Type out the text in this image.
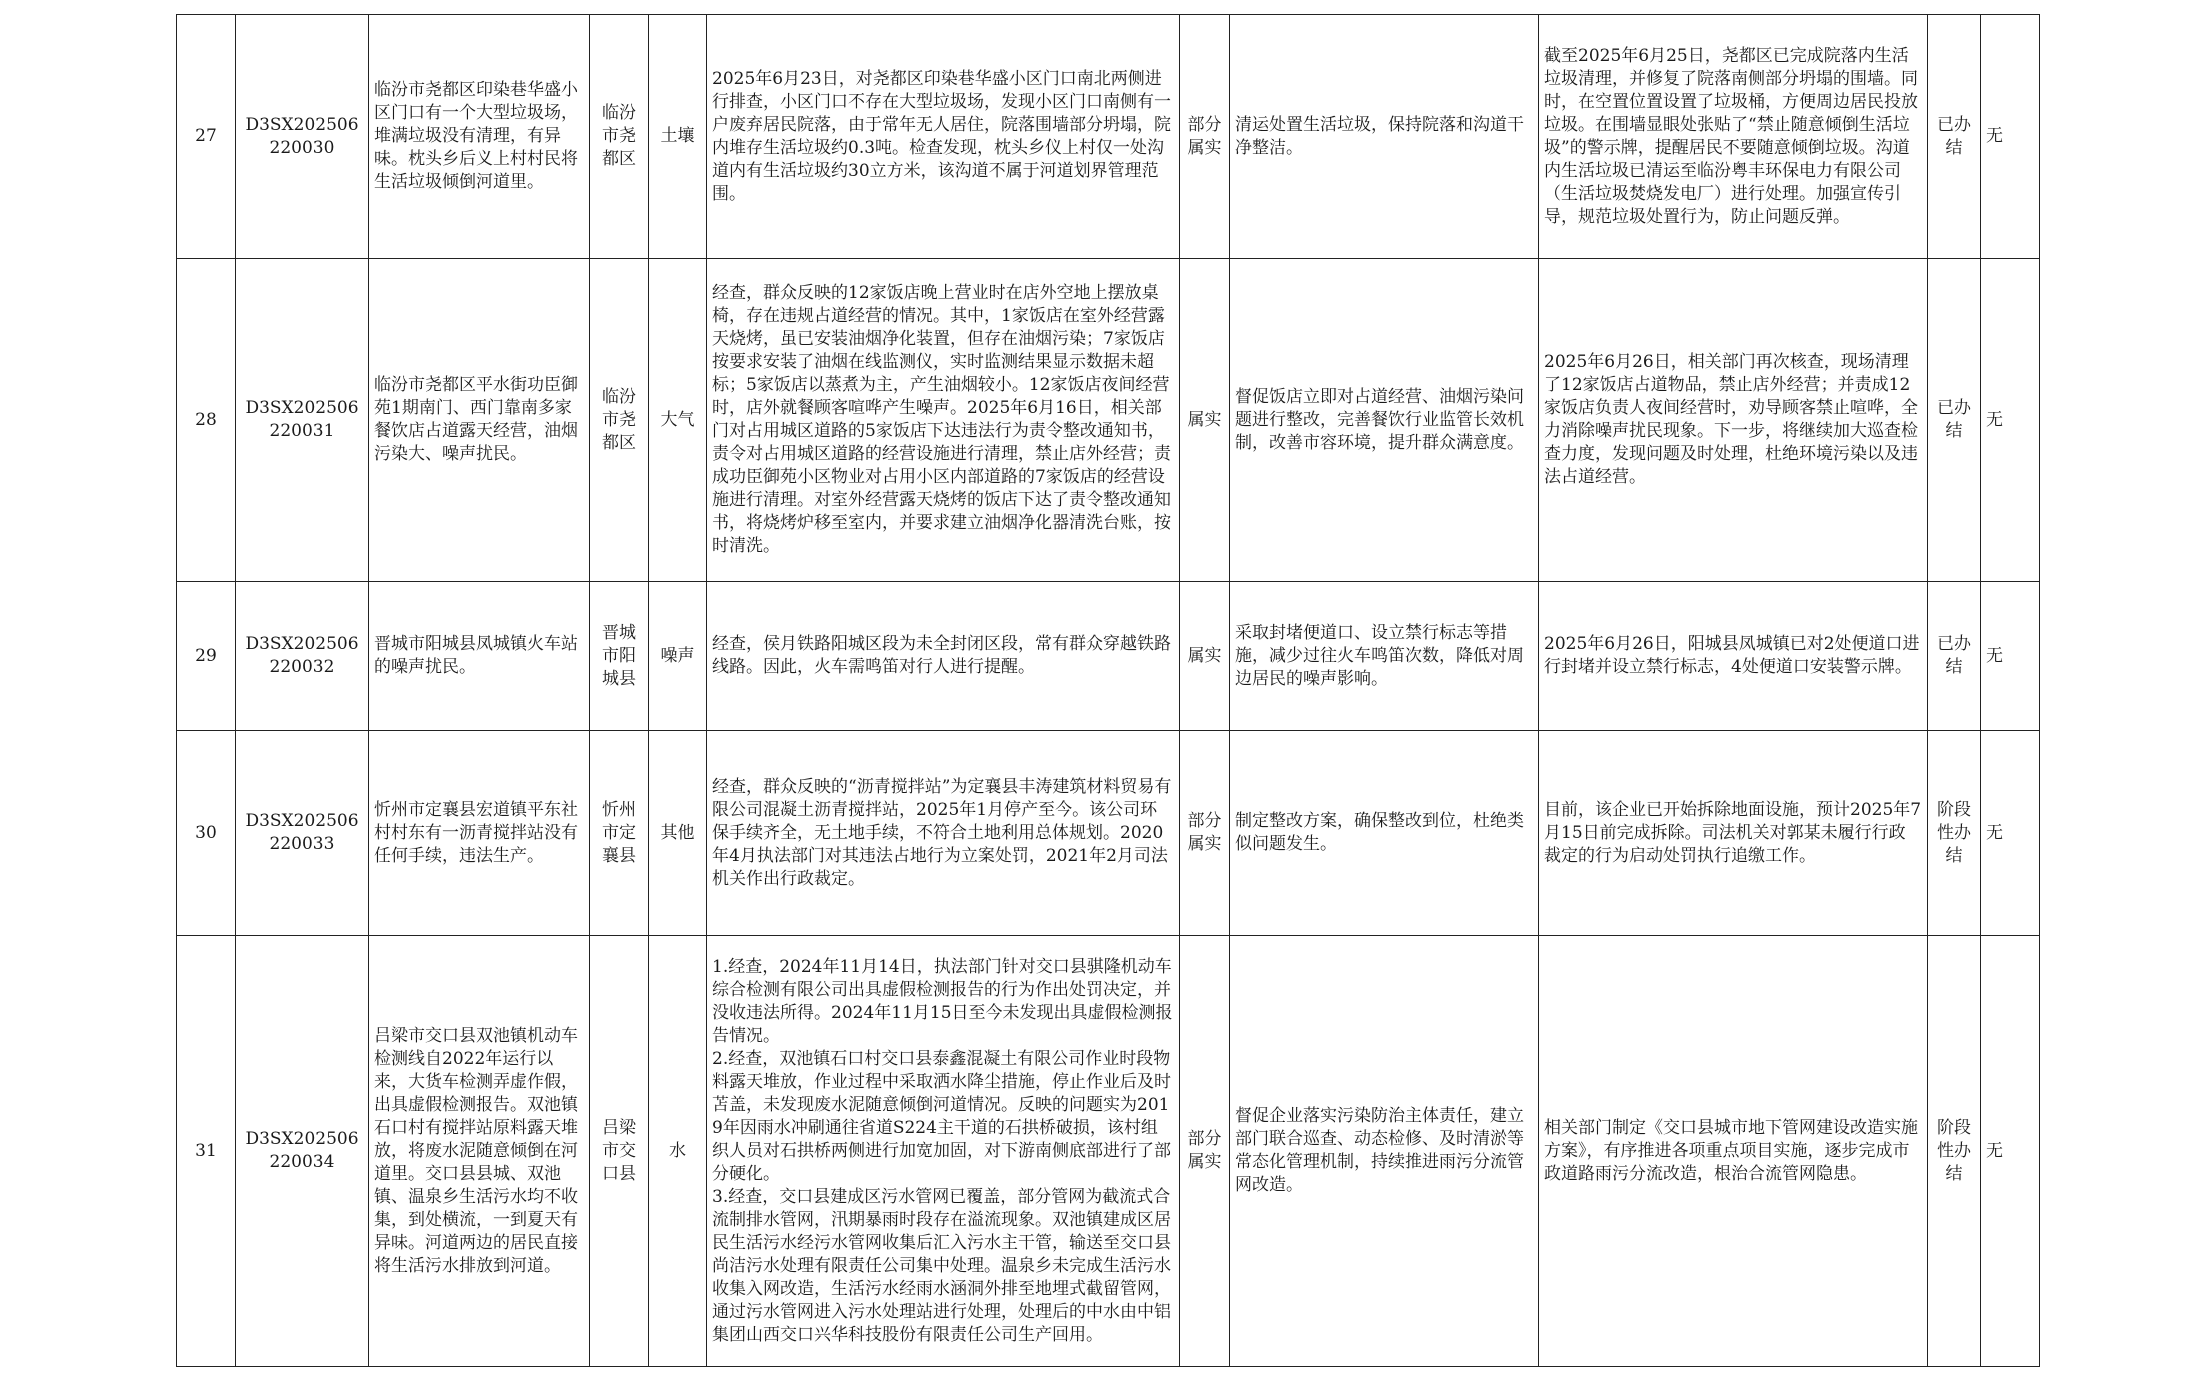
27	D3SX202506220030	临汾市尧都区印染巷华盛小区门口有一个大型垃圾场，堆满垃圾没有清理，有异味。枕头乡后义上村村民将生活垃圾倾倒河道里。	临汾市尧都区	土壤	2025年6月23日，对尧都区印染巷华盛小区门口南北两侧进行排查，小区门口不存在大型垃圾场，发现小区门口南侧有一户废弃居民院落，由于常年无人居住，院落围墙部分坍塌，院内堆存生活垃圾约0.3吨。检查发现，枕头乡仪上村仅一处沟道内有生活垃圾约30立方米，该沟道不属于河道划界管理范围。	部分属实	清运处置生活垃圾，保持院落和沟道干净整洁。	截至2025年6月25日，尧都区已完成院落内生活垃圾清理，并修复了院落南侧部分坍塌的围墙。同时，在空置位置设置了垃圾桶，方便周边居民投放垃圾。在围墙显眼处张贴了“禁止随意倾倒生活垃圾”的警示牌，提醒居民不要随意倾倒垃圾。沟道内生活垃圾已清运至临汾粤丰环保电力有限公司（生活垃圾焚烧发电厂）进行处理。加强宣传引导，规范垃圾处置行为，防止问题反弹。	已办结	无
28	D3SX202506220031	临汾市尧都区平水街功臣御苑1期南门、西门靠南多家餐饮店占道露天经营，油烟污染大、噪声扰民。	临汾市尧都区	大气	经查，群众反映的12家饭店晚上营业时在店外空地上摆放桌椅，存在违规占道经营的情况。其中，1家饭店在室外经营露天烧烤，虽已安装油烟净化装置，但存在油烟污染；7家饭店按要求安装了油烟在线监测仪，实时监测结果显示数据未超标；5家饭店以蒸煮为主，产生油烟较小。12家饭店夜间经营时，店外就餐顾客喧哗产生噪声。2025年6月16日，相关部门对占用城区道路的5家饭店下达违法行为责令整改通知书，责令对占用城区道路的经营设施进行清理，禁止店外经营；责成功臣御苑小区物业对占用小区内部道路的7家饭店的经营设施进行清理。对室外经营露天烧烤的饭店下达了责令整改通知书，将烧烤炉移至室内，并要求建立油烟净化器清洗台账，按时清洗。	属实	督促饭店立即对占道经营、油烟污染问题进行整改，完善餐饮行业监管长效机制，改善市容环境，提升群众满意度。	2025年6月26日，相关部门再次核查，现场清理了12家饭店占道物品，禁止店外经营；并责成12家饭店负责人夜间经营时，劝导顾客禁止喧哗，全力消除噪声扰民现象。下一步，将继续加大巡查检查力度，发现问题及时处理，杜绝环境污染以及违法占道经营。	已办结	无
29	D3SX202506220032	晋城市阳城县凤城镇火车站的噪声扰民。	晋城市阳城县	噪声	经查，侯月铁路阳城区段为未全封闭区段，常有群众穿越铁路线路。因此，火车需鸣笛对行人进行提醒。	属实	采取封堵便道口、设立禁行标志等措施，减少过往火车鸣笛次数，降低对周边居民的噪声影响。	2025年6月26日，阳城县凤城镇已对2处便道口进行封堵并设立禁行标志，4处便道口安装警示牌。	已办结	无
30	D3SX202506220033	忻州市定襄县宏道镇平东社村村东有一沥青搅拌站没有任何手续，违法生产。	忻州市定襄县	其他	经查，群众反映的“沥青搅拌站”为定襄县丰涛建筑材料贸易有限公司混凝土沥青搅拌站，2025年1月停产至今。该公司环保手续齐全，无土地手续，不符合土地利用总体规划。2020年4月执法部门对其违法占地行为立案处罚，2021年2月司法机关作出行政裁定。	部分属实	制定整改方案，确保整改到位，杜绝类似问题发生。	目前，该企业已开始拆除地面设施，预计2025年7月15日前完成拆除。司法机关对郭某未履行行政裁定的行为启动处罚执行追缴工作。	阶段性办结	无
31	D3SX202506220034	吕梁市交口县双池镇机动车检测线自2022年运行以来，大货车检测弄虚作假，出具虚假检测报告。双池镇石口村有搅拌站原料露天堆放，将废水泥随意倾倒在河道里。交口县县城、双池镇、温泉乡生活污水均不收集，到处横流，一到夏天有异味。河道两边的居民直接将生活污水排放到河道。	吕梁市交口县	水	1.经查，2024年11月14日，执法部门针对交口县骐隆机动车综合检测有限公司出具虚假检测报告的行为作出处罚决定，并没收违法所得。2024年11月15日至今未发现出具虚假检测报告情况。
2.经查，双池镇石口村交口县泰鑫混凝土有限公司作业时段物料露天堆放，作业过程中采取洒水降尘措施，停止作业后及时苫盖，未发现废水泥随意倾倒河道情况。反映的问题实为2019年因雨水冲刷通往省道S224主干道的石拱桥破损，该村组织人员对石拱桥两侧进行加宽加固，对下游南侧底部进行了部分硬化。
3.经查，交口县建成区污水管网已覆盖，部分管网为截流式合流制排水管网，汛期暴雨时段存在溢流现象。双池镇建成区居民生活污水经污水管网收集后汇入污水主干管，输送至交口县尚洁污水处理有限责任公司集中处理。温泉乡未完成生活污水收集入网改造，生活污水经雨水涵洞外排至地埋式截留管网，通过污水管网进入污水处理站进行处理，处理后的中水由中铝集团山西交口兴华科技股份有限责任公司生产回用。	部分属实	督促企业落实污染防治主体责任，建立部门联合巡查、动态检修、及时清淤等常态化管理机制，持续推进雨污分流管网改造。	相关部门制定《交口县城市地下管网建设改造实施方案》，有序推进各项重点项目实施，逐步完成市政道路雨污分流改造，根治合流管网隐患。	阶段性办结	无
